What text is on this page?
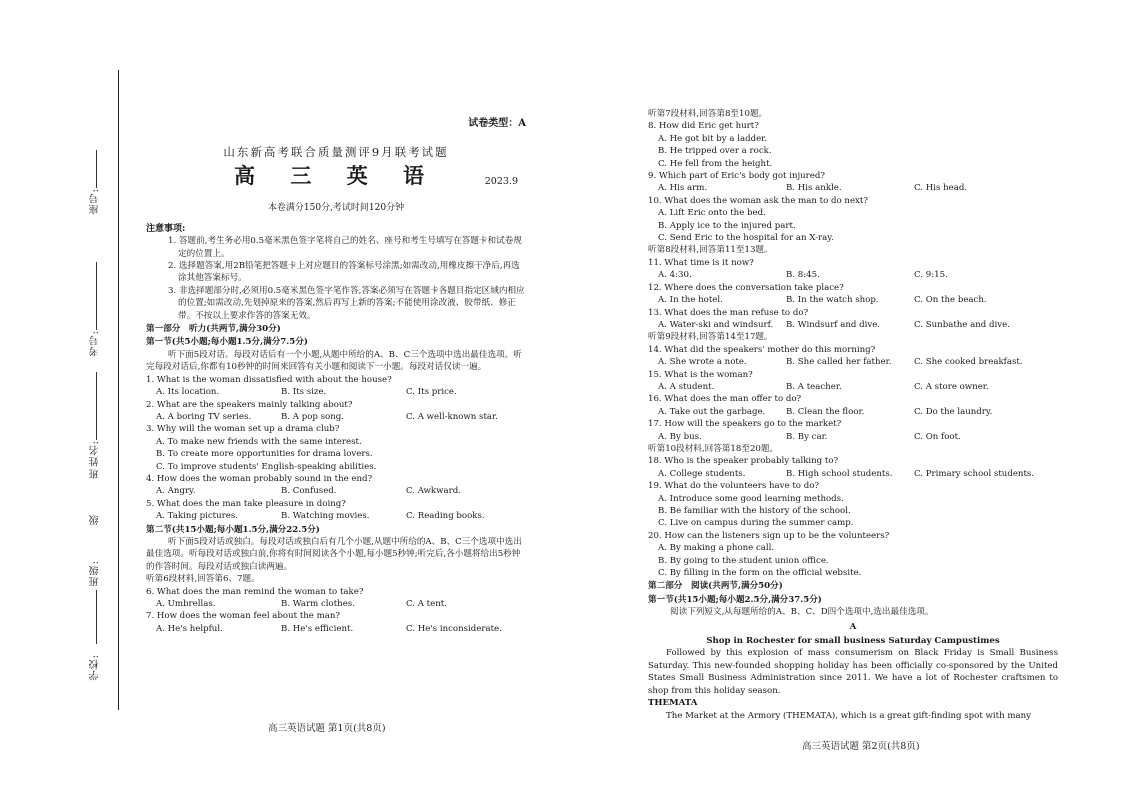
座号:
考号:
姓名:
班
级
班级:
学校:
试卷类型：A
山东新高考联合质量测评9月联考试题
高 三 英 语	2023.9
本卷满分150分,考试时间120分钟
注意事项:
1. 答题前,考生务必用0.5毫米黑色签字笔将自己的姓名、座号和考生号填写在答题卡和试卷规定的位置上。
2. 选择题答案,用2B铅笔把答题卡上对应题目的答案标号涂黑;如需改动,用橡皮擦干净后,再选涂其他答案标号。
3. 非选择题部分时,必须用0.5毫米黑色签字笔作答,答案必须写在答题卡各题目指定区域内相应的位置;如需改动,先划掉原来的答案,然后再写上新的答案;不能使用涂改液、胶带纸、修正带。不按以上要求作答的答案无效。
第一部分　听力(共两节,满分30分)
第一节(共5小题;每小题1.5分,满分7.5分)
听下面5段对话。每段对话后有一个小题,从题中所给的A、B、C三个选项中选出最佳选项。听完每段对话后,你都有10秒钟的时间来回答有关小题和阅读下一小题。每段对话仅读一遍。
1. What is the woman dissatisfied with about the house?
A. Its location.	B. Its size.	C. Its price.
2. What are the speakers mainly talking about?
A. A boring TV series.	B. A pop song.	C. A well-known star.
3. Why will the woman set up a drama club?
A. To make new friends with the same interest.
B. To create more opportunities for drama lovers.
C. To improve students' English-speaking abilities.
4. How does the woman probably sound in the end?
A. Angry.	B. Confused.	C. Awkward.
5. What does the man take pleasure in doing?
A. Taking pictures.	B. Watching movies.	C. Reading books.
第二节(共15小题;每小题1.5分,满分22.5分)
听下面5段对话或独白。每段对话或独白后有几个小题,从题中所给的A、B、C三个选项中选出最佳选项。听每段对话或独白前,你将有时间阅读各个小题,每小题5秒钟;听完后,各小题将给出5秒钟的作答时间。每段对话或独白读两遍。
听第6段材料,回答第6、7题。
6. What does the man remind the woman to take?
A. Umbrellas.	B. Warm clothes.	C. A tent.
7. How does the woman feel about the man?
A. He's helpful.	B. He's efficient.	C. He's inconsiderate.
高三英语试题 第1页(共8页)
听第7段材料,回答第8至10题。
8. How did Eric get hurt?
A. He got bit by a ladder.
B. He tripped over a rock.
C. He fell from the height.
9. Which part of Eric's body got injured?
A. His arm.	B. His ankle.	C. His head.
10. What does the woman ask the man to do next?
A. Lift Eric onto the bed.
B. Apply ice to the injured part.
C. Send Eric to the hospital for an X-ray.
听第8段材料,回答第11至13题。
11. What time is it now?
A. 4:30.	B. 8:45.	C. 9:15.
12. Where does the conversation take place?
A. In the hotel.	B. In the watch shop.	C. On the beach.
13. What does the man refuse to do?
A. Water-ski and windsurf.	B. Windsurf and dive.	C. Sunbathe and dive.
听第9段材料,回答第14至17题。
14. What did the speakers' mother do this morning?
A. She wrote a note.	B. She called her father.	C. She cooked breakfast.
15. What is the woman?
A. A student.	B. A teacher.	C. A store owner.
16. What does the man offer to do?
A. Take out the garbage.	B. Clean the floor.	C. Do the laundry.
17. How will the speakers go to the market?
A. By bus.	B. By car.	C. On foot.
听第10段材料,回答第18至20题。
18. Who is the speaker probably talking to?
A. College students.	B. High school students.	C. Primary school students.
19. What do the volunteers have to do?
A. Introduce some good learning methods.
B. Be familiar with the history of the school.
C. Live on campus during the summer camp.
20. How can the listeners sign up to be the volunteers?
A. By making a phone call.
B. By going to the student union office.
C. By filling in the form on the official website.
第二部分　阅读(共两节,满分50分)
第一节(共15小题;每小题2.5分,满分37.5分)
阅读下列短文,从每题所给的A、B、C、D四个选项中,选出最佳选项。
A
Shop in Rochester for small business Saturday Campustimes
Followed by this explosion of mass consumerism on Black Friday is Small Business Saturday. This new-founded shopping holiday has been officially co-sponsored by the United States Small Business Administration since 2011. We have a lot of Rochester craftsmen to shop from this holiday season.
THEMATA
The Market at the Armory (THEMATA), which is a great gift-finding spot with many
高三英语试题 第2页(共8页)
